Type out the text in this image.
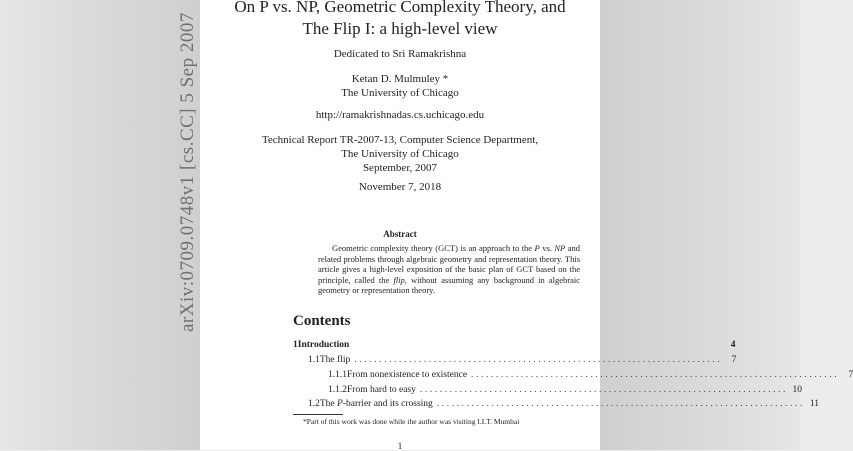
arXiv:0709.0748v1 [cs.CC] 5 Sep 2007
On P vs. NP, Geometric Complexity Theory, and
The Flip I: a high-level view
Dedicated to Sri Ramakrishna
Ketan D. Mulmuley *
The University of Chicago
http://ramakrishnadas.cs.uchicago.edu
Technical Report TR-2007-13, Computer Science Department,
The University of Chicago
September, 2007
November 7, 2018
Abstract
Geometric complexity theory (GCT) is an approach to the P vs. NP and related problems through algebraic geometry and representation theory. This article gives a high-level exposition of the basic plan of GCT based on the principle, called the flip, without assuming any background in algebraic geometry or representation theory.
Contents
1 Introduction	4
1.1 The flip .......................................................................... 7
1.1.1 From nonexistence to existence .......................................................................... 7
1.1.2 From hard to easy .......................................................................... 10
1.2 The P-barrier and its crossing .......................................................................... 11
*Part of this work was done while the author was visiting I.I.T. Mumbai
1
